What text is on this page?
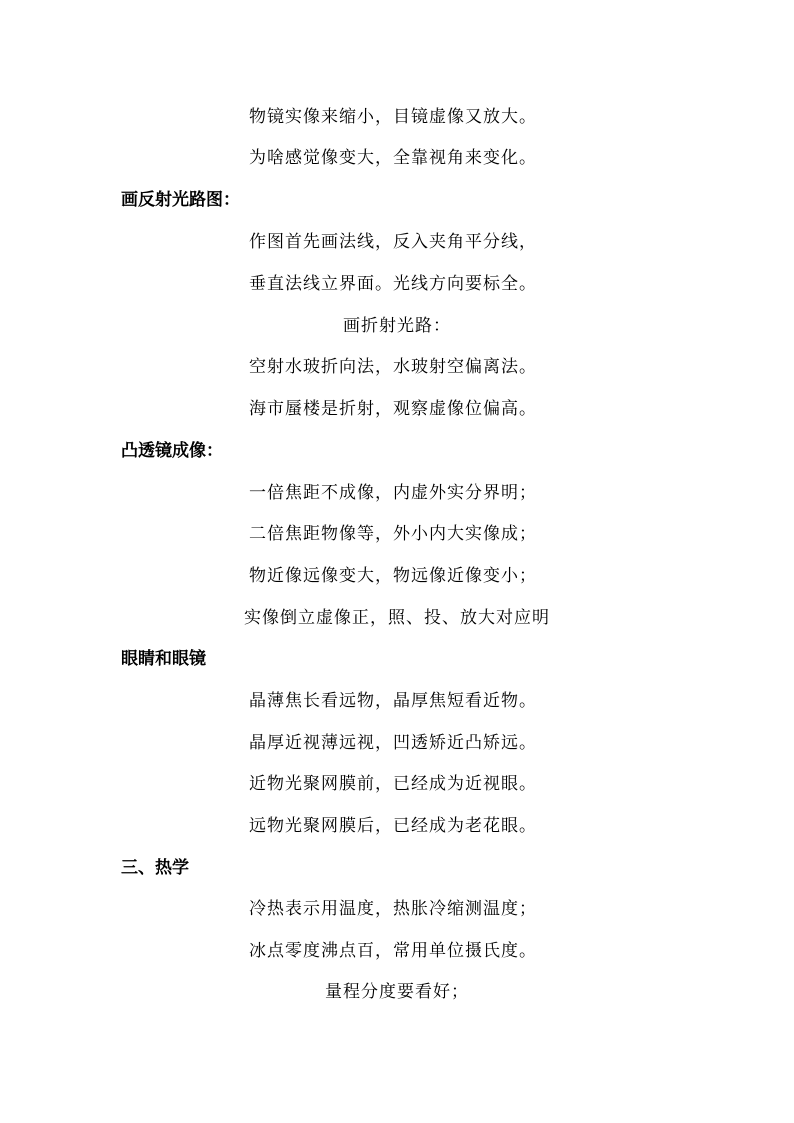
物镜实像来缩小，目镜虚像又放大。
为啥感觉像变大，全靠视角来变化。
画反射光路图：
作图首先画法线，反入夹角平分线，
垂直法线立界面。光线方向要标全。
画折射光路：
空射水玻折向法，水玻射空偏离法。
海市蜃楼是折射，观察虚像位偏高。
凸透镜成像：
一倍焦距不成像，内虚外实分界明；
二倍焦距物像等，外小内大实像成；
物近像远像变大，物远像近像变小；
实像倒立虚像正，照、投、放大对应明
眼睛和眼镜
晶薄焦长看远物，晶厚焦短看近物。
晶厚近视薄远视，凹透矫近凸矫远。
近物光聚网膜前，已经成为近视眼。
远物光聚网膜后，已经成为老花眼。
三、热学
冷热表示用温度，热胀冷缩测温度；
冰点零度沸点百，常用单位摄氏度。
量程分度要看好；
